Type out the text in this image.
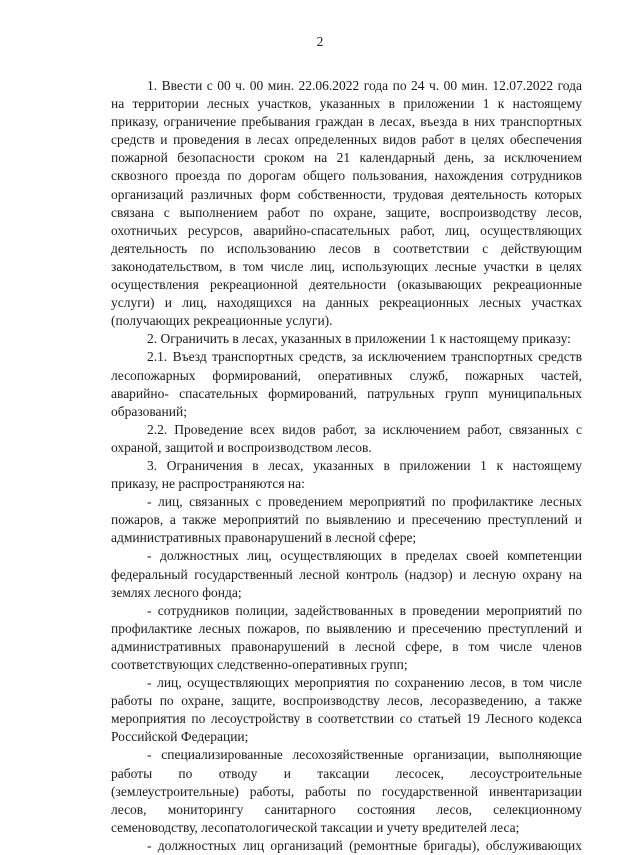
2
1. Ввести с 00 ч. 00 мин. 22.06.2022 года по 24 ч. 00 мин. 12.07.2022 года
на территории лесных участков, указанных в приложении 1 к настоящему
приказу, ограничение пребывания граждан в лесах, въезда в них транспортных
средств и проведения в лесах определенных видов работ в целях обеспечения
пожарной безопасности сроком на 21 календарный день, за исключением
сквозного проезда по дорогам общего пользования, нахождения сотрудников
организаций различных форм собственности, трудовая деятельность которых
связана с выполнением работ по охране, защите, воспроизводству лесов,
охотничьих ресурсов, аварийно-спасательных работ, лиц, осуществляющих
деятельность по использованию лесов в соответствии с действующим
законодательством, в том числе лиц, использующих лесные участки в целях
осуществления рекреационной деятельности (оказывающих рекреационные
услуги) и лиц, находящихся на данных рекреационных лесных участках
(получающих рекреационные услуги).
2. Ограничить в лесах, указанных в приложении 1 к настоящему приказу:
2.1. Въезд транспортных средств, за исключением транспортных средств
лесопожарных формирований, оперативных служб, пожарных частей,
аварийно- спасательных формирований, патрульных групп муниципальных
образований;
2.2. Проведение всех видов работ, за исключением работ, связанных с
охраной, защитой и воспроизводством лесов.
3. Ограничения в лесах, указанных в приложении 1 к настоящему
приказу, не распространяются на:
- лиц, связанных с проведением мероприятий по профилактике лесных
пожаров, а также мероприятий по выявлению и пресечению преступлений и
административных правонарушений в лесной сфере;
- должностных лиц, осуществляющих в пределах своей компетенции
федеральный государственный лесной контроль (надзор) и лесную охрану на
землях лесного фонда;
- сотрудников полиции, задействованных в проведении мероприятий по
профилактике лесных пожаров, по выявлению и пресечению преступлений и
административных правонарушений в лесной сфере, в том числе членов
соответствующих следственно-оперативных групп;
- лиц, осуществляющих мероприятия по сохранению лесов, в том числе
работы по охране, защите, воспроизводству лесов, лесоразведению, а также
мероприятия по лесоустройству в соответствии со статьей 19 Лесного кодекса
Российской Федерации;
- специализированные лесохозяйственные организации, выполняющие
работы по отводу и таксации лесосек, лесоустроительные
(землеустроительные) работы, работы по государственной инвентаризации
лесов, мониторингу санитарного состояния лесов, селекционному
семеноводству, лесопатологической таксации и учету вредителей леса;
- должностных лиц организаций (ремонтные бригады), обслуживающих
